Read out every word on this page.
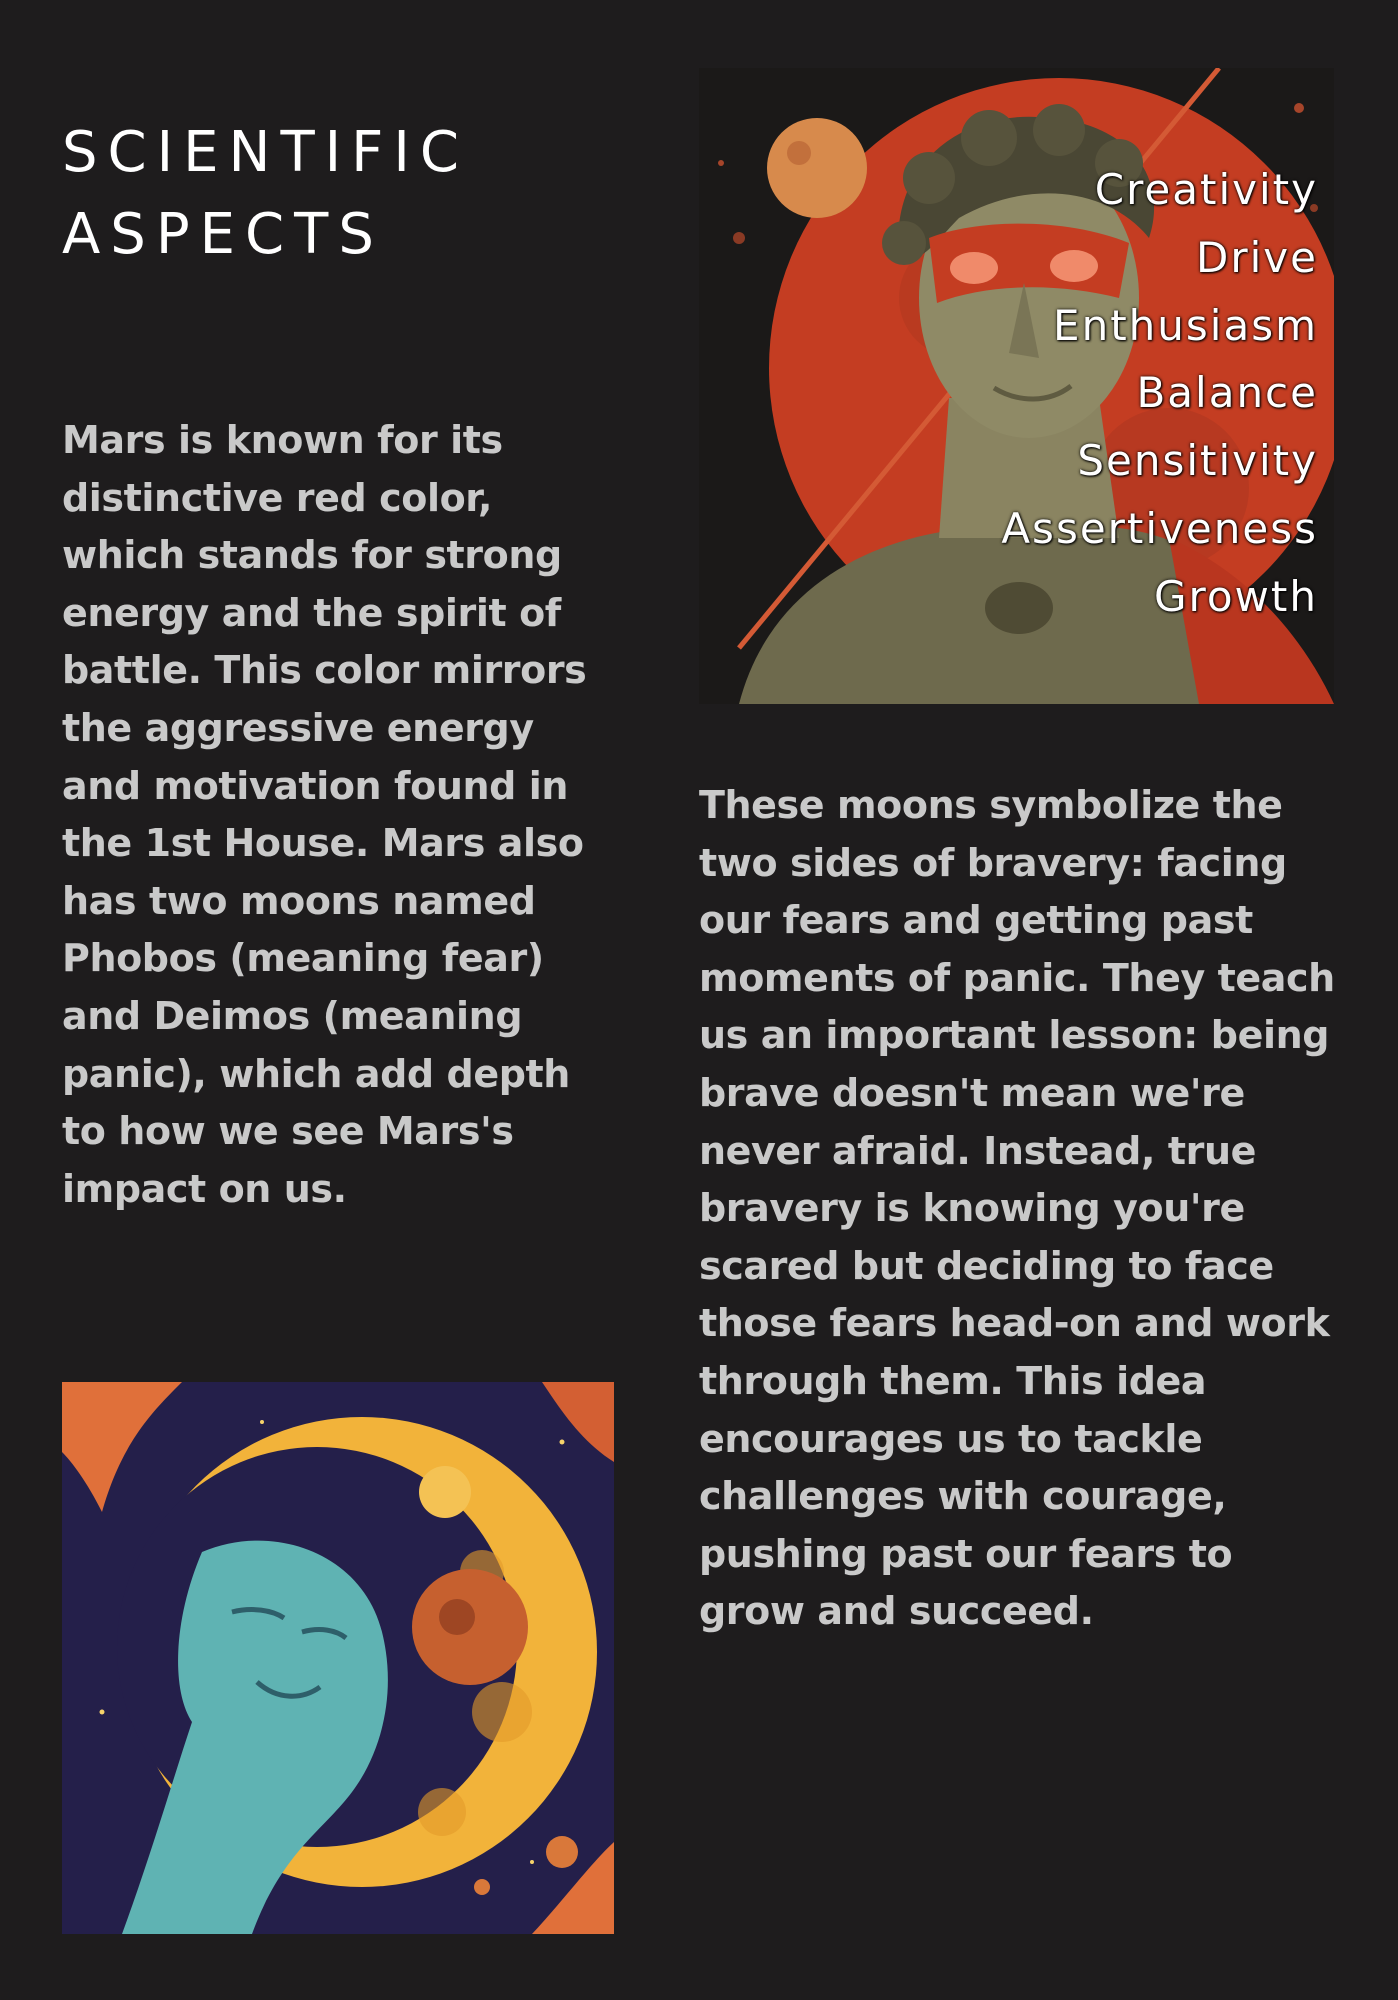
SCIENTIFIC
ASPECTS

Mars is known for its distinctive red color, which stands for strong energy and the spirit of battle. This color mirrors the aggressive energy and motivation found in the 1st House. Mars also has two moons named Phobos (meaning fear) and Deimos (meaning panic), which add depth to how we see Mars's impact on us.

Creativity
Drive
Enthusiasm
Balance
Sensitivity
Assertiveness
Growth

These moons symbolize the two sides of bravery: facing our fears and getting past moments of panic. They teach us an important lesson: being brave doesn't mean we're never afraid. Instead, true bravery is knowing you're scared but deciding to face those fears head-on and work through them. This idea encourages us to tackle challenges with courage, pushing past our fears to grow and succeed.
